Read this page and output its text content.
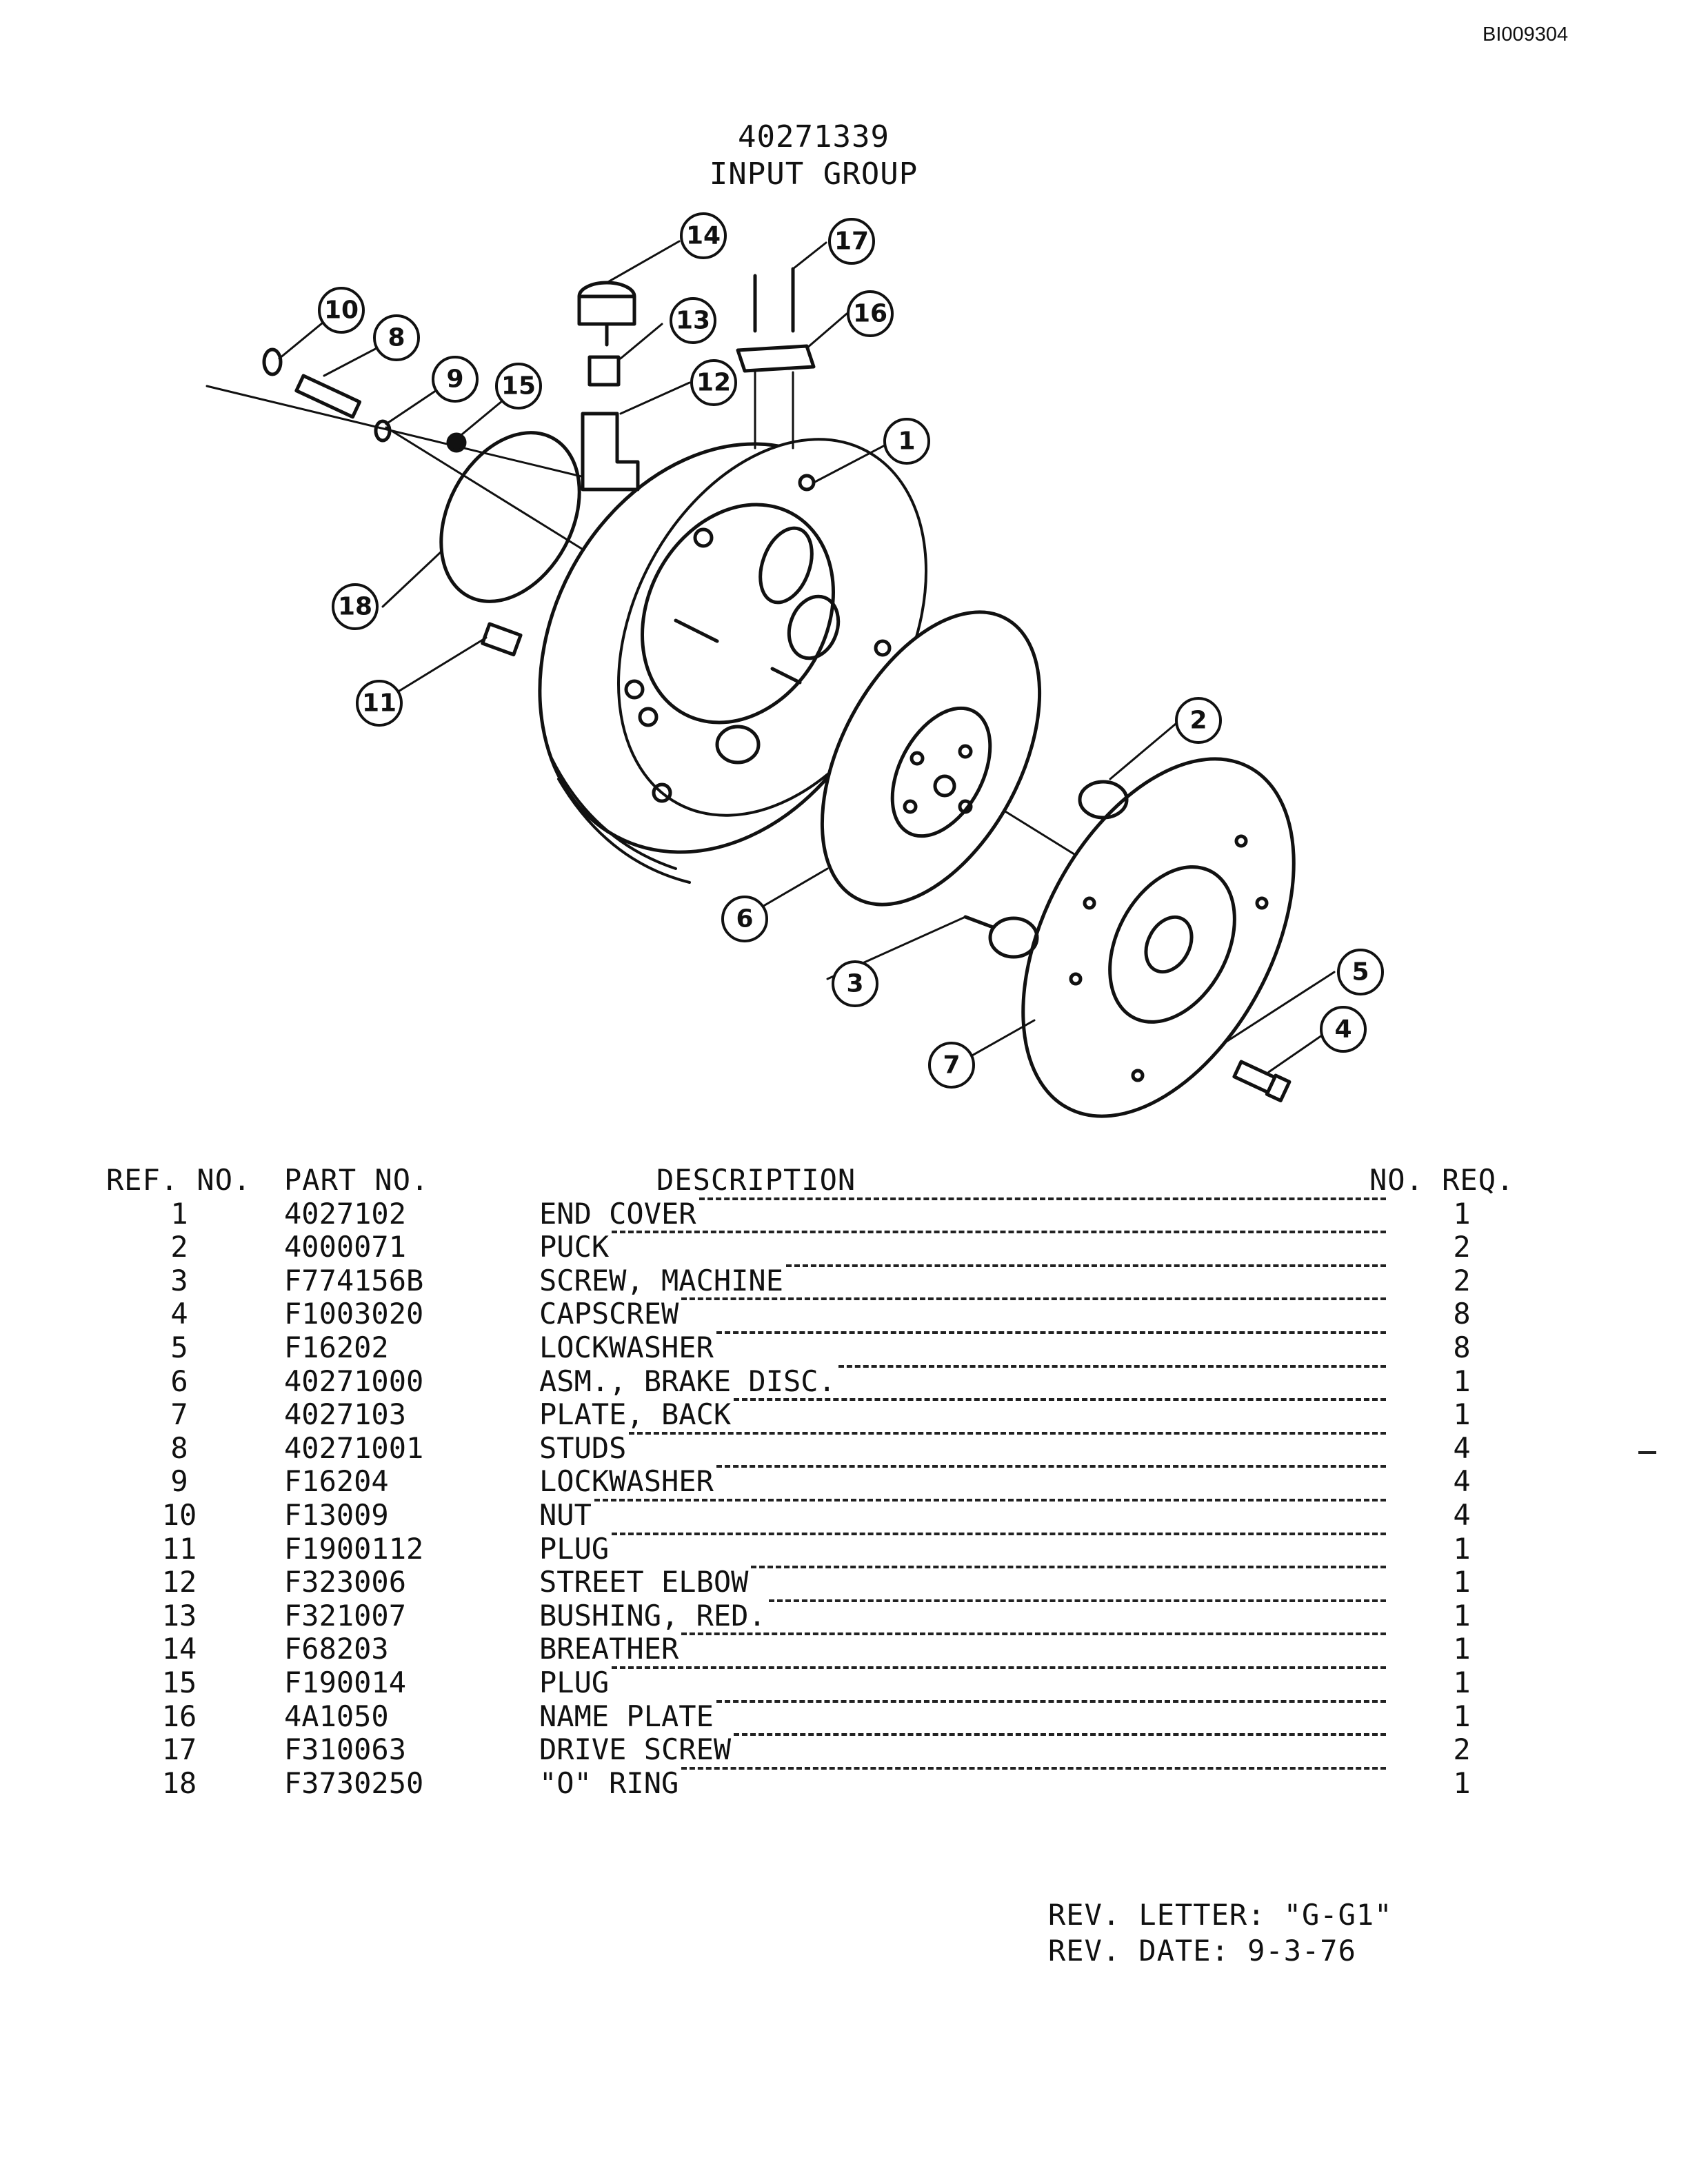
BI009304
40271339
INPUT GROUP
1
2
3
4
5
6
7
8
9
10
11
12
13
14
15
16
17
18
REF. NO. PART NO.	DESCRIPTION	NO. REQ.
1	4027102	END COVER	1
2	4000071	PUCK	2
3	F774156B	SCREW, MACHINE	2
4	F1003020	CAPSCREW	8
5	F16202	LOCKWASHER	8
6	40271000	ASM., BRAKE DISC.	1
7	4027103	PLATE, BACK	1
8	40271001	STUDS	4
9	F16204	LOCKWASHER	4
10	F13009	NUT	4
11	F1900112	PLUG	1
12	F323006	STREET ELBOW	1
13	F321007	BUSHING, RED.	1
14	F68203	BREATHER	1
15	F190014	PLUG	1
16	4A1050	NAME PLATE	1
17	F310063	DRIVE SCREW	2
18	F3730250	"O" RING	1
REV. LETTER: "G-G1"
REV. DATE: 9-3-76
